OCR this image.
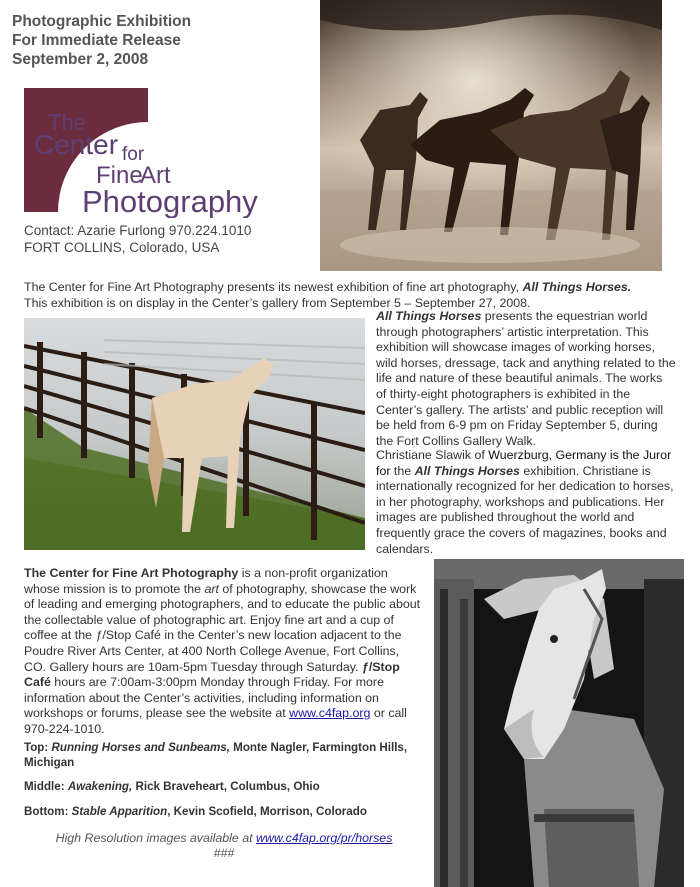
Photographic Exhibition
For Immediate Release
September 2, 2008
The
Center for
Fine
Art
Photography
Contact: Azarie Furlong 970.224.1010
FORT COLLINS, Colorado, USA
The Center for Fine Art Photography presents its newest exhibition of fine art photography, All Things Horses.
This exhibition is on display in the Center’s gallery from September 5 – September 27, 2008.
All Things Horses presents the equestrian world through photographers’ artistic interpretation. This exhibition will showcase images of working horses, wild horses, dressage, tack and anything related to the life and nature of these beautiful animals. The works of thirty-eight photographers is exhibited in the Center’s gallery. The artists’ and public reception will be held from 6-9 pm on Friday September 5, during the Fort Collins Gallery Walk.
Christiane Slawik of Wuerzburg, Germany is the Juror for the All Things Horses exhibition. Christiane is internationally recognized for her dedication to horses, in her photography, workshops and publications. Her images are published throughout the world and frequently grace the covers of magazines, books and calendars.
The Center for Fine Art Photography is a non-profit organization whose mission is to promote the art of photography, showcase the work of leading and emerging photographers, and to educate the public about the collectable value of photographic art. Enjoy fine art and a cup of coffee at the ƒ/Stop Café in the Center’s new location adjacent to the Poudre River Arts Center, at 400 North College Avenue, Fort Collins, CO. Gallery hours are 10am-5pm Tuesday through Saturday. ƒ/Stop Café hours are 7:00am-3:00pm Monday through Friday. For more information about the Center’s activities, including information on workshops or forums, please see the website at www.c4fap.org or call 970-224-1010.
Top: Running Horses and Sunbeams, Monte Nagler, Farmington Hills, Michigan
Middle: Awakening, Rick Braveheart, Columbus, Ohio
Bottom: Stable Apparition, Kevin Scofield, Morrison, Colorado
High Resolution images available at www.c4fap.org/pr/horses
###
